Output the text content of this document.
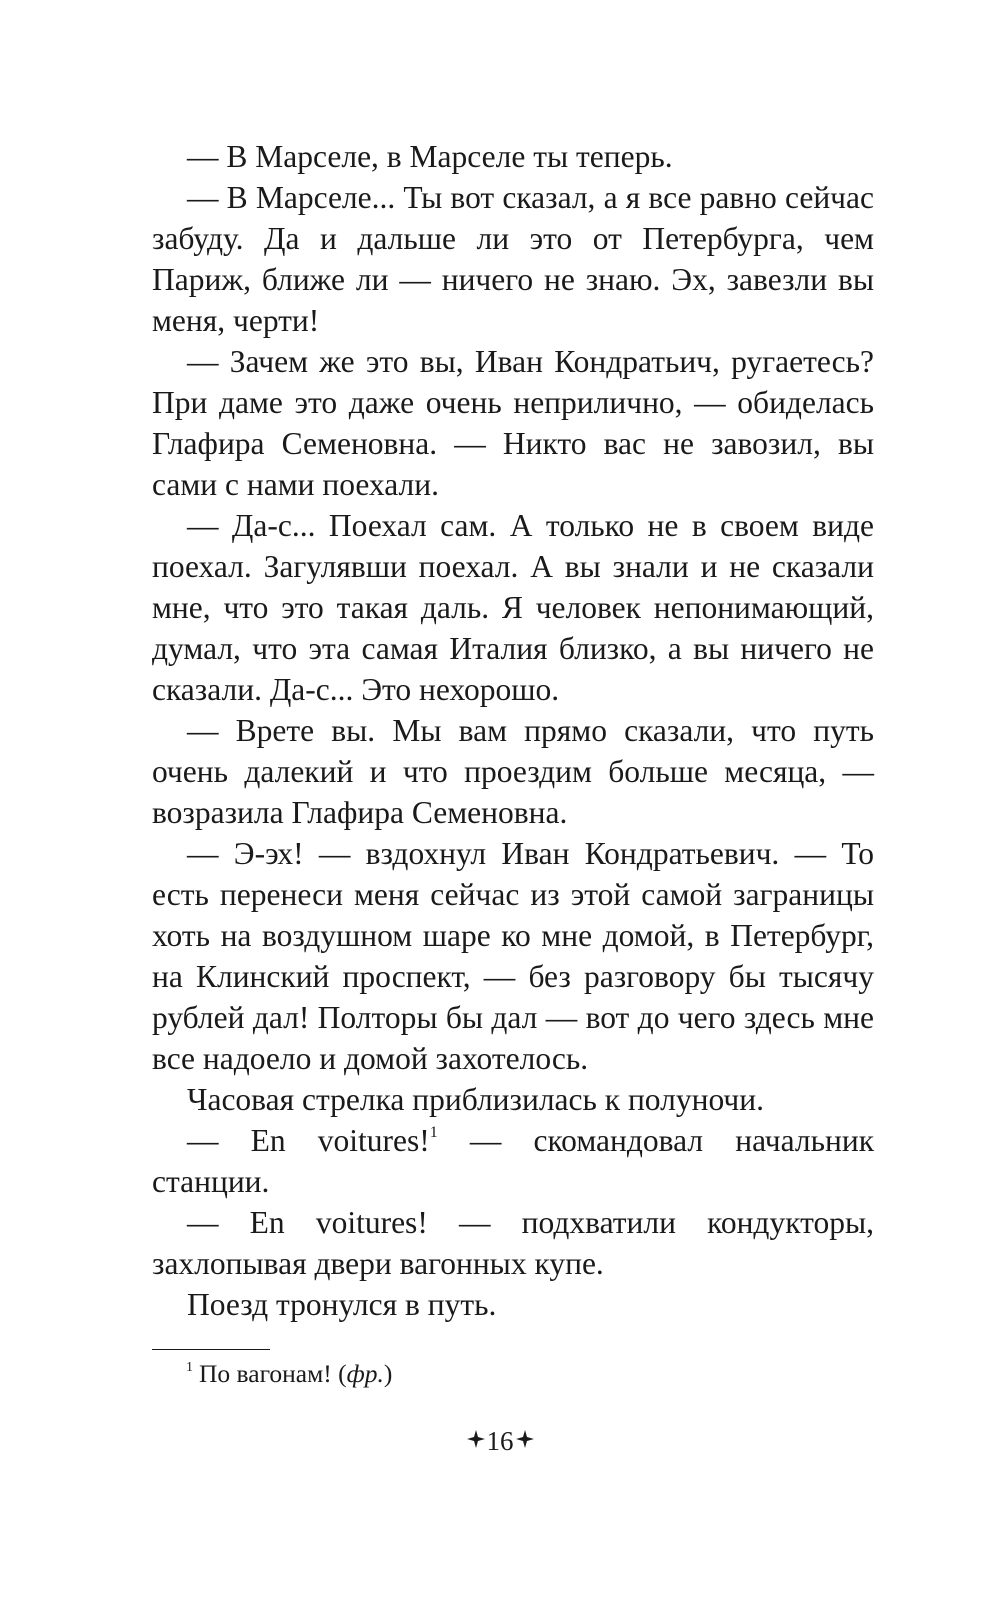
— В Марселе, в Марселе ты теперь.

— В Марселе... Ты вот сказал, а я все равно сейчас забуду. Да и дальше ли это от Петербурга, чем Париж, ближе ли — ничего не знаю. Эх, завезли вы меня, черти!

— Зачем же это вы, Иван Кондратьич, ругаетесь? При даме это даже очень неприлично, — обиделась Глафира Семеновна. — Никто вас не завозил, вы сами с нами поехали.

— Да-с... Поехал сам. А только не в своем виде поехал. Загулявши поехал. А вы знали и не сказали мне, что это такая даль. Я человек непонимающий, думал, что эта самая Италия близко, а вы ничего не сказали. Да-с... Это нехорошо.

— Врете вы. Мы вам прямо сказали, что путь очень далекий и что проездим больше месяца, — возразила Глафира Семеновна.

— Э-эх! — вздохнул Иван Кондратьевич. — То есть перенеси меня сейчас из этой самой заграницы хоть на воздушном шаре ко мне домой, в Петербург, на Клинский проспект, — без разговору бы тысячу рублей дал! Полторы бы дал — вот до чего здесь мне все надоело и домой захотелось.

Часовая стрелка приблизилась к полуночи.

— En voitures!$^1$ — скомандовал начальник станции.

— En voitures! — подхватили кондукторы, захлопывая двери вагонных купе.

Поезд тронулся в путь.

$^1$ По вагонам! (фр.)
16
